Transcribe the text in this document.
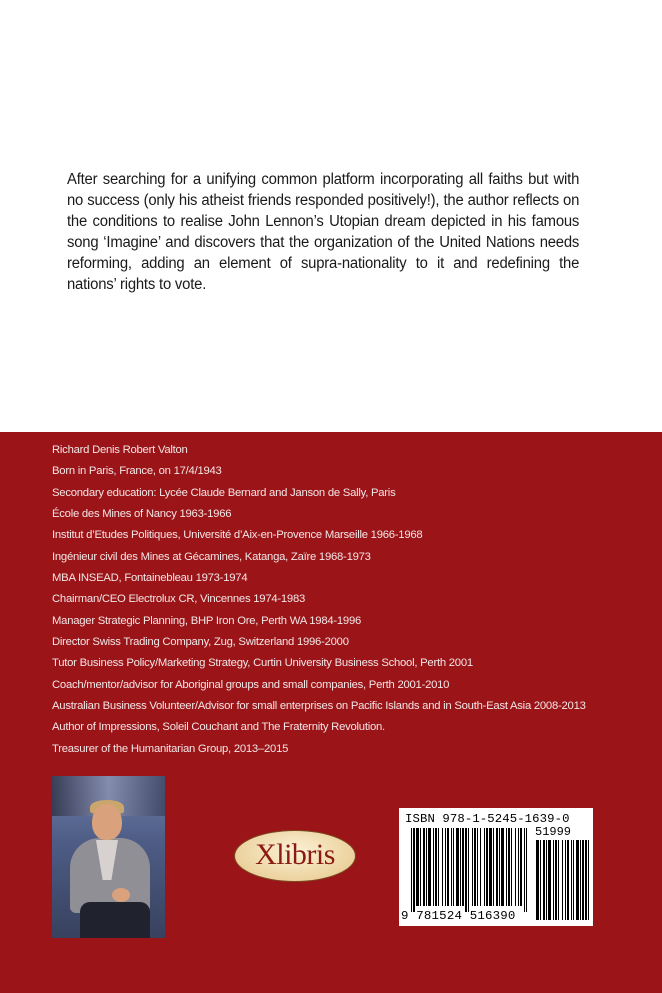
After searching for a unifying common platform incorporating all faiths but with no success (only his atheist friends responded positively!), the author reflects on the conditions to realise John Lennon’s Utopian dream depicted in his famous song ‘Imagine’ and discovers that the organization of the United Nations needs reforming, adding an element of supra-nationality to it and redefining the nations’ rights to vote.

Richard Denis Robert Valton
Born in Paris, France, on 17/4/1943
Secondary education: Lycée Claude Bernard and Janson de Sally, Paris
École des Mines of Nancy 1963-1966
Institut d’Etudes Politiques, Université d’Aix-en-Provence Marseille 1966-1968
Ingénieur civil des Mines at Gécamines, Katanga, Zaïre 1968-1973
MBA INSEAD, Fontainebleau 1973-1974
Chairman/CEO Electrolux CR, Vincennes 1974-1983
Manager Strategic Planning, BHP Iron Ore, Perth WA 1984-1996
Director Swiss Trading Company, Zug, Switzerland 1996-2000
Tutor Business Policy/Marketing Strategy, Curtin University Business School, Perth 2001
Coach/mentor/advisor for Aboriginal groups and small companies, Perth 2001-2010
Australian Business Volunteer/Advisor for small enterprises on Pacific Islands and in South-East Asia 2008-2013
Author of Impressions, Soleil Couchant and The Fraternity Revolution.
Treasurer of the Humanitarian Group, 2013–2015
Xlibris
ISBN 978-1-5245-1639-0
51999
9 781524 516390
